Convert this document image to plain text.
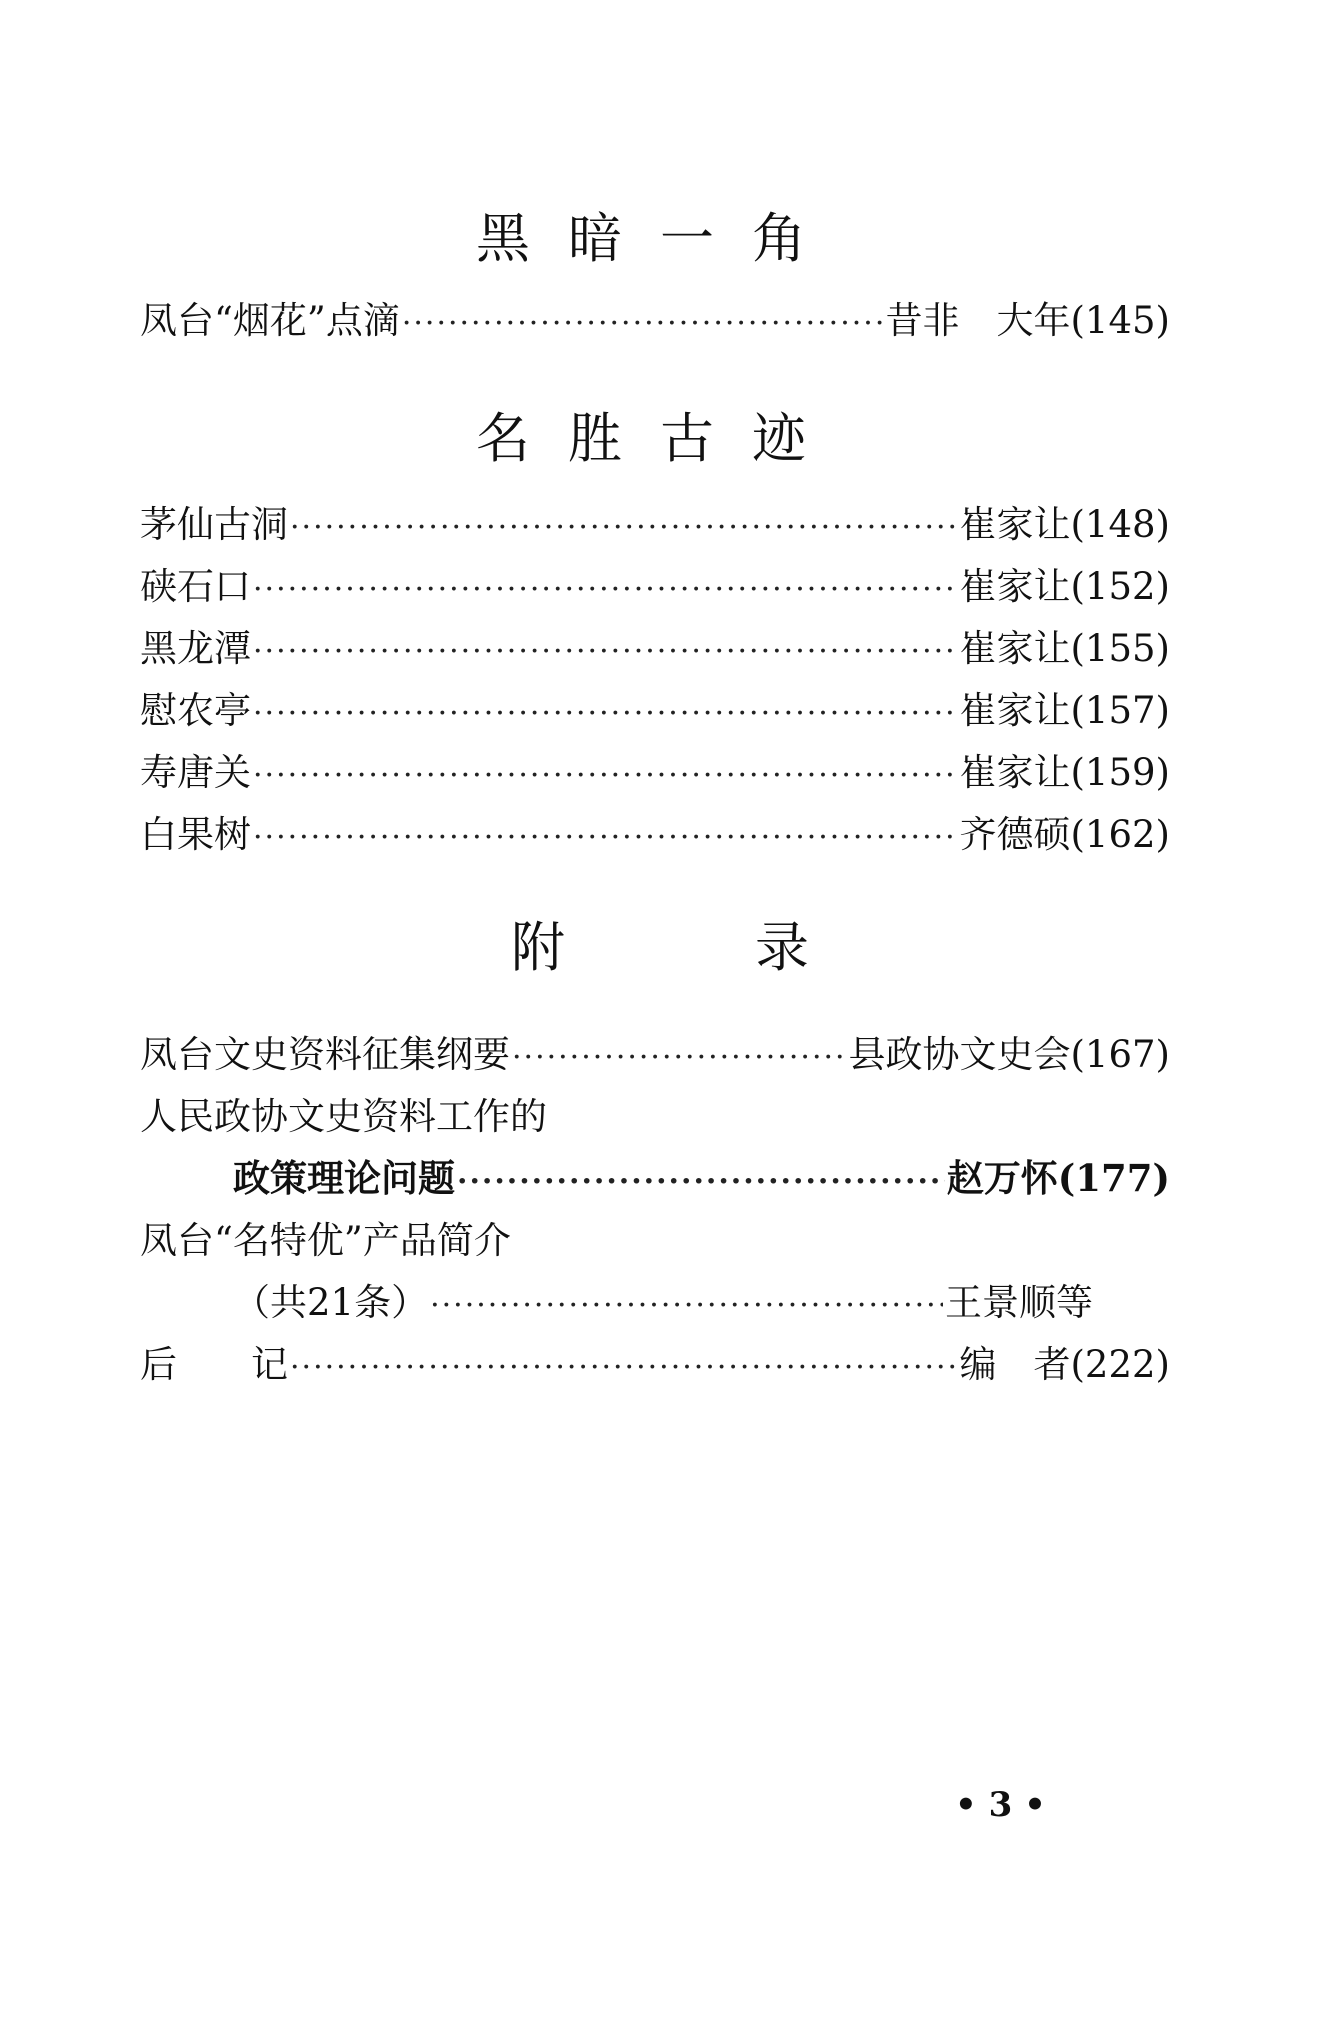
黑暗一角
凤台“烟花”点滴 ·····	昔非　大年 (145)
名胜古迹
茅仙古洞 ·····	崔家让 (148)
硖石口 ·····	崔家让 (152)
黑龙潭 ·····	崔家让 (155)
慰农亭 ·····	崔家让 (157)
寿唐关 ·····	崔家让 (159)
白果树 ·····	齐德硕 (162)
附录
凤台文史资料征集纲要 ·····	县政协文史会 (167)
人民政协文史资料工作的
政策理论问题 ·····	赵万怀 (177)
凤台“名特优”产品简介
（共21条） ·····	王景顺等
后　　记 ·····	编　者 (222)
• 3 •
